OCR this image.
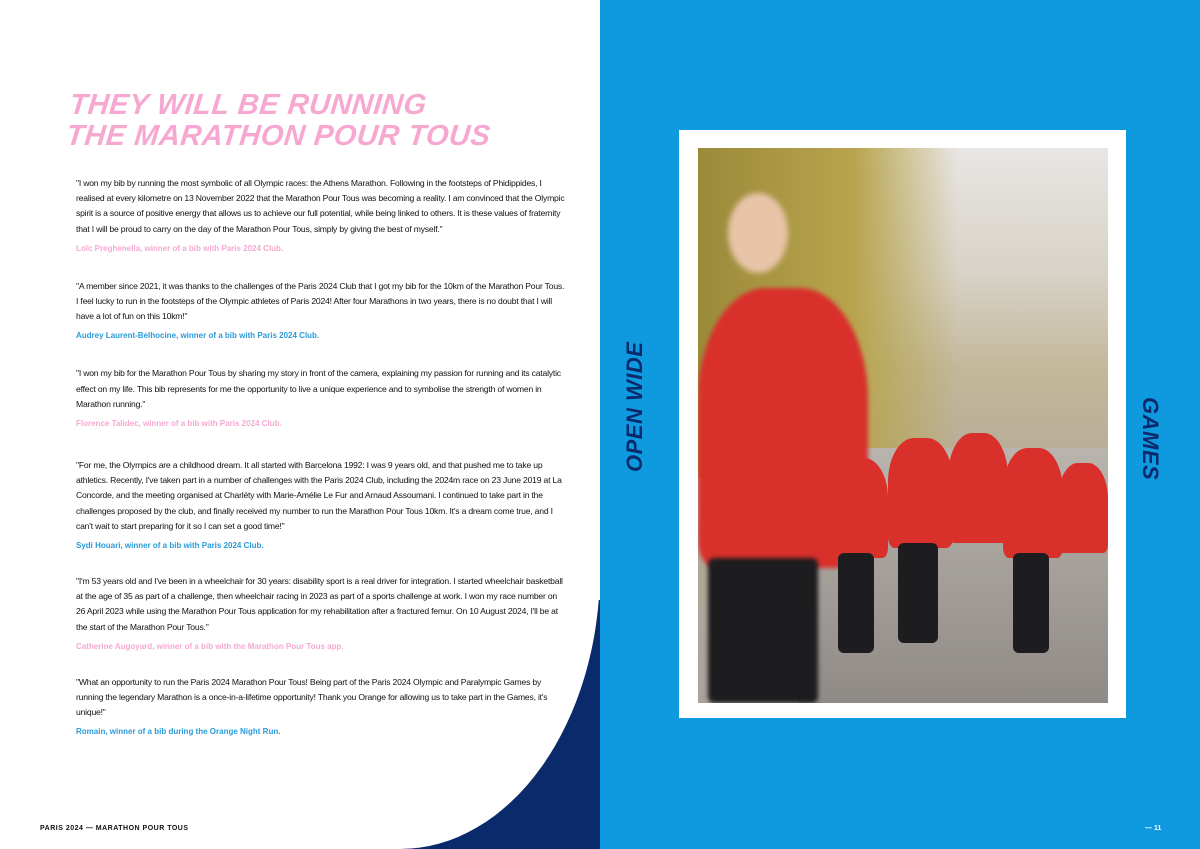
THEY WILL BE RUNNING
THE MARATHON POUR TOUS

"I won my bib by running the most symbolic of all Olympic races: the Athens Marathon. Following in the footsteps of Phidippides, I realised at every kilometre on 13 November 2022 that the Marathon Pour Tous was becoming a reality. I am convinced that the Olympic spirit is a source of positive energy that allows us to achieve our full potential, while being linked to others. It is these values of fraternity that I will be proud to carry on the day of the Marathon Pour Tous, simply by giving the best of myself."

Loïc Preghenella, winner of a bib with Paris 2024 Club.

"A member since 2021, it was thanks to the challenges of the Paris 2024 Club that I got my bib for the 10km of the Marathon Pour Tous. I feel lucky to run in the footsteps of the Olympic athletes of Paris 2024! After four Marathons in two years, there is no doubt that I will have a lot of fun on this 10km!"

Audrey Laurent-Belhocine, winner of a bib with Paris 2024 Club.

"I won my bib for the Marathon Pour Tous by sharing my story in front of the camera, explaining my passion for running and its catalytic effect on my life. This bib represents for me the opportunity to live a unique experience and to symbolise the strength of women in Marathon running."

Florence Talidec, winner of a bib with Paris 2024 Club.

"For me, the Olympics are a childhood dream. It all started with Barcelona 1992: I was 9 years old, and that pushed me to take up athletics. Recently, I've taken part in a number of challenges with the Paris 2024 Club, including the 2024m race on 23 June 2019 at La Concorde, and the meeting organised at Charléty with Marie-Amélie Le Fur and Arnaud Assoumani. I continued to take part in the challenges proposed by the club, and finally received my number to run the Marathon Pour Tous 10km. It's a dream come true, and I can't wait to start preparing for it so I can set a good time!"

Sydi Houari, winner of a bib with Paris 2024 Club.

"I'm 53 years old and I've been in a wheelchair for 30 years: disability sport is a real driver for integration. I started wheelchair basketball at the age of 35 as part of a challenge, then wheelchair racing in 2023 as part of a sports challenge at work. I won my race number on 26 April 2023 while using the Marathon Pour Tous application for my rehabilitation after a fractured femur. On 10 August 2024, I'll be at the start of the Marathon Pour Tous."

Catherine Augoyard, winner of a bib with the Marathon Pour Tous app.

"What an opportunity to run the Paris 2024 Marathon Pour Tous! Being part of the Paris 2024 Olympic and Paralympic Games by running the legendary Marathon is a once-in-a-lifetime opportunity! Thank you Orange for allowing us to take part in the Games, it's unique!"

Romain, winner of a bib during the Orange Night Run.

PARIS 2024 — MARATHON POUR TOUS	— 11
OPEN WIDE	GAMES
